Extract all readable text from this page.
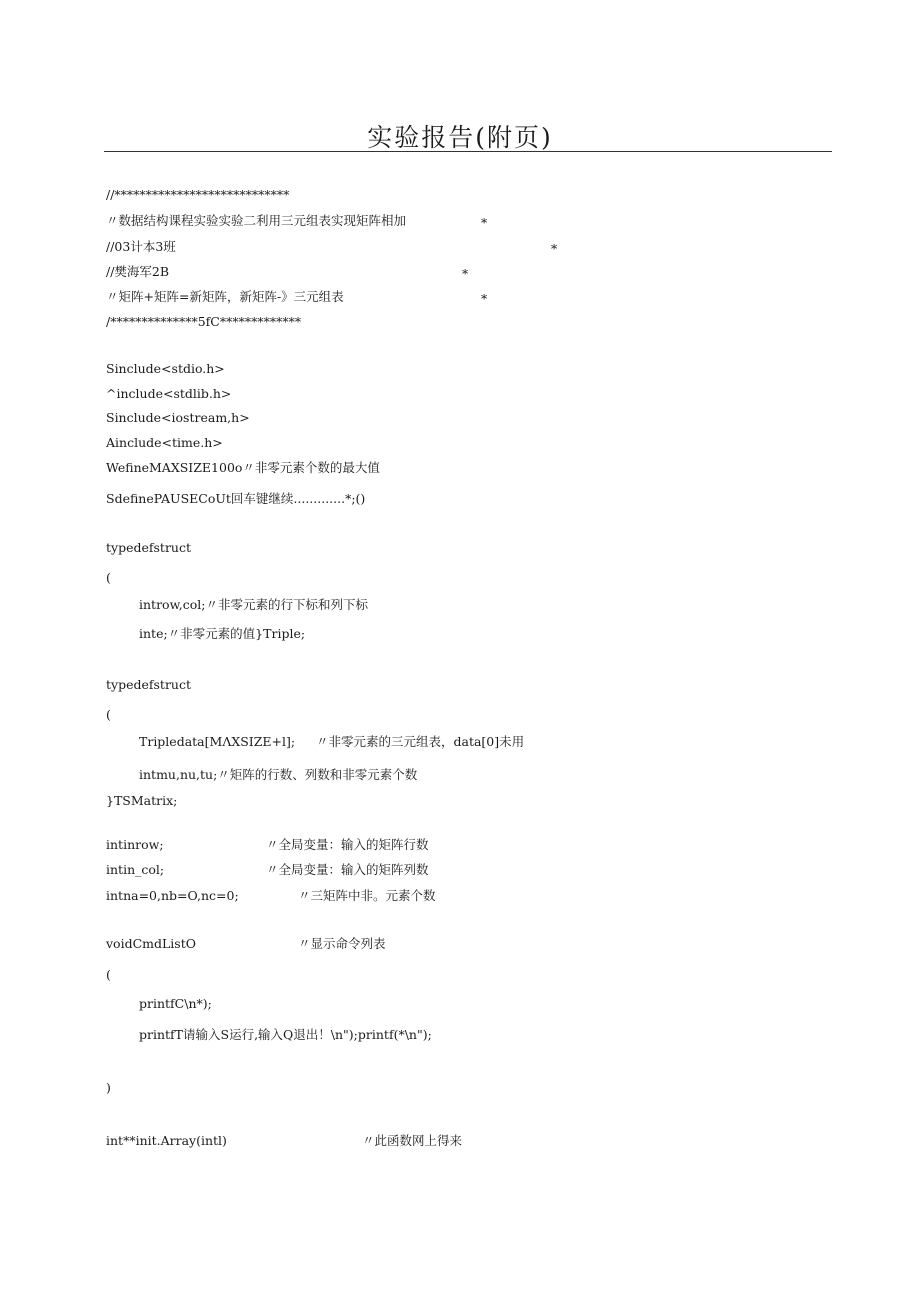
实验报告(附页)
//****************************
〃数据结构课程实验实验二利用三元组表实现矩阵相加	*
//03计本3班	*
//樊海军2B	*
〃矩阵+矩阵=新矩阵，新矩阵-》三元组表	*
/**************5fC*************
Sinclude<stdio.h>
^include<stdlib.h>
Sinclude<iostream,h>
Ainclude<time.h>
WefineMAXSIZE100o〃非零元素个数的最大值
SdefinePAUSECoUt回车键继续.............*;()
typedefstruct
(
introw,col;〃非零元素的行下标和列下标
inte;〃非零元素的值}Triple;
typedefstruct
(
Tripledata[MΛXSIZE+l]; 〃非零元素的三元组表，data[0]未用
intmu,nu,tu;〃矩阵的行数、列数和非零元素个数
}TSMatrix;
intinrow;	〃全局变量：输入的矩阵行数
intin_col;	〃全局变量：输入的矩阵列数
intna=0,nb=O,nc=0;	〃三矩阵中非。元素个数
voidCmdListO	〃显示命令列表
(
printfC\n*);
printfT请输入S运行,输入Q退出！\n");printf(*\n");
)
int**init.Array(intl)	〃此函数网上得来
